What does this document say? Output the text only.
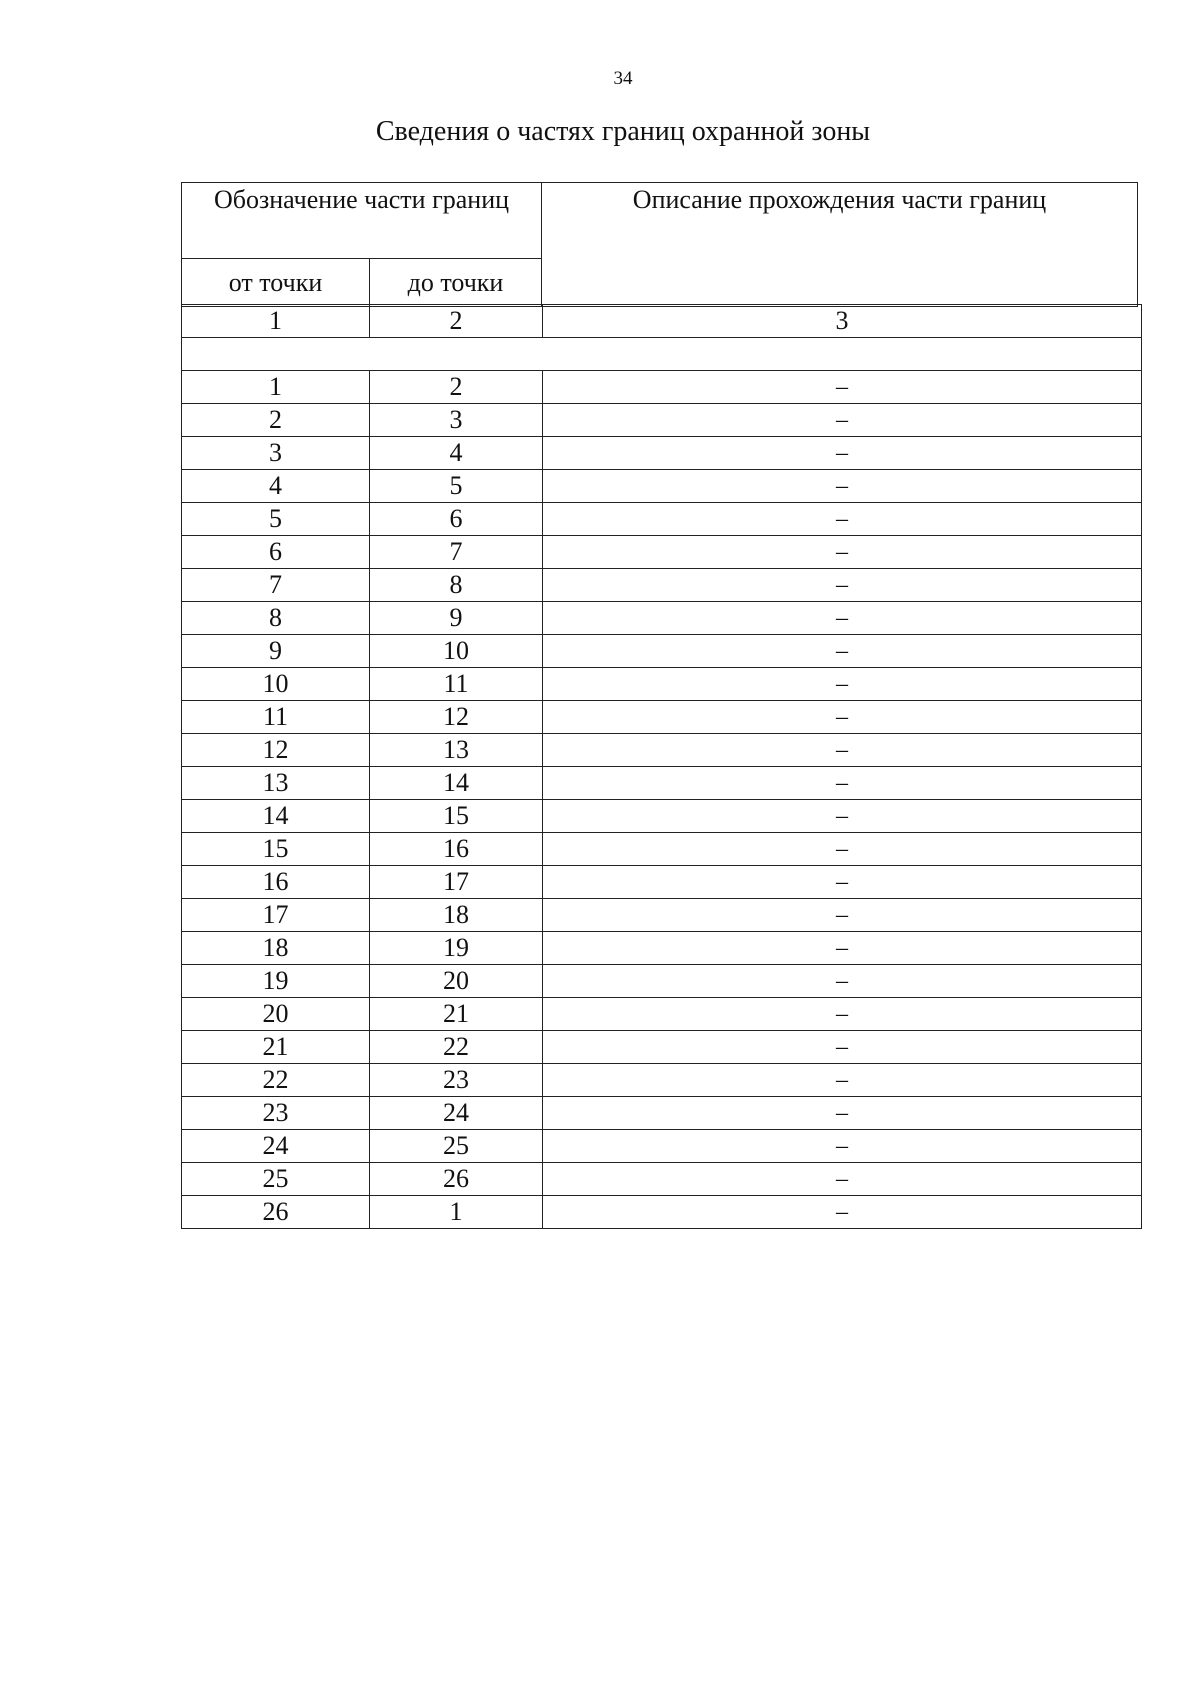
34
Сведения о частях границ охранной зоны
Обозначение части границ		Описание прохождения части границ
от точки	до точки	
1	2	3

1	2	–
2	3	–
3	4	–
4	5	–
5	6	–
6	7	–
7	8	–
8	9	–
9	10	–
10	11	–
11	12	–
12	13	–
13	14	–
14	15	–
15	16	–
16	17	–
17	18	–
18	19	–
19	20	–
20	21	–
21	22	–
22	23	–
23	24	–
24	25	–
25	26	–
26	1	–
